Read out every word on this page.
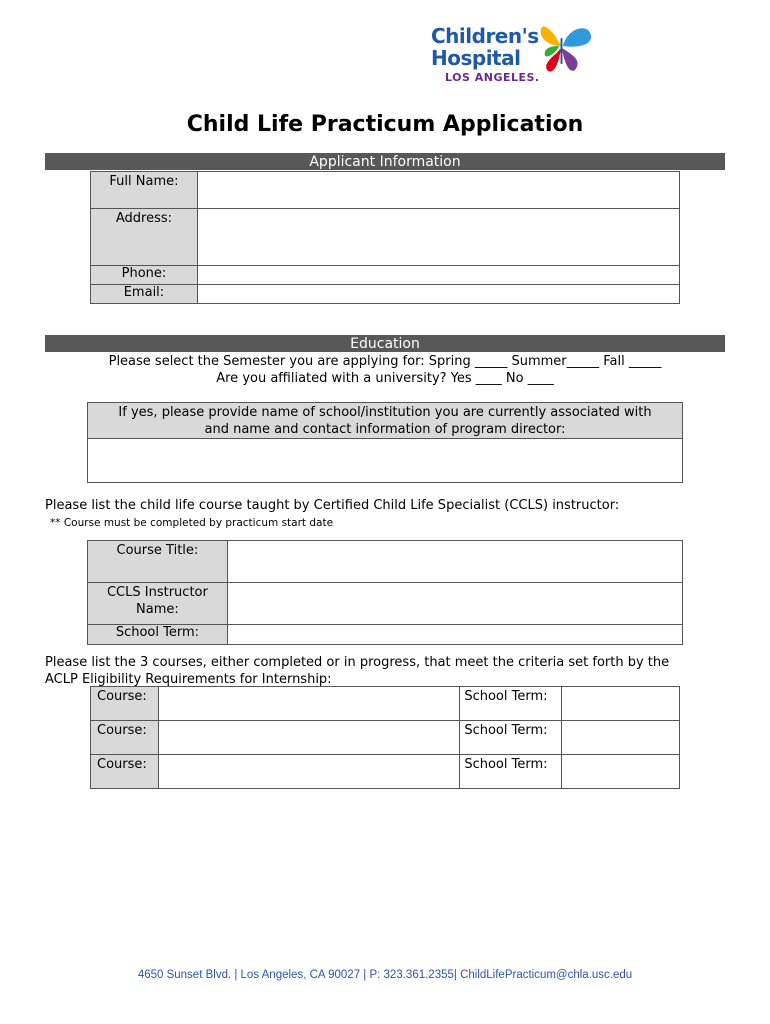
Children's
Hospital
LOS ANGELES.
Child Life Practicum Application
Applicant Information
Full Name:	

Address:	

Phone:	

Email:	

Education
Please select the Semester you are applying for: Spring _____ Summer_____ Fall _____
Are you affiliated with a university? Yes ____ No ____
If yes, please provide name of school/institution you are currently associated with
and name and contact information of program director:

Please list the child life course taught by Certified Child Life Specialist (CCLS) instructor:
** Course must be completed by practicum start date
Course Title:	

CCLS Instructor
Name:	

School Term:	

Please list the 3 courses, either completed or in progress, that meet the criteria set forth by the
ACLP Eligibility Requirements for Internship:
Course:		School Term:	

Course:		School Term:	

Course:		School Term:	

4650 Sunset Blvd. | Los Angeles, CA 90027 | P: 323.361.2355| ChildLifePracticum@chla.usc.edu
